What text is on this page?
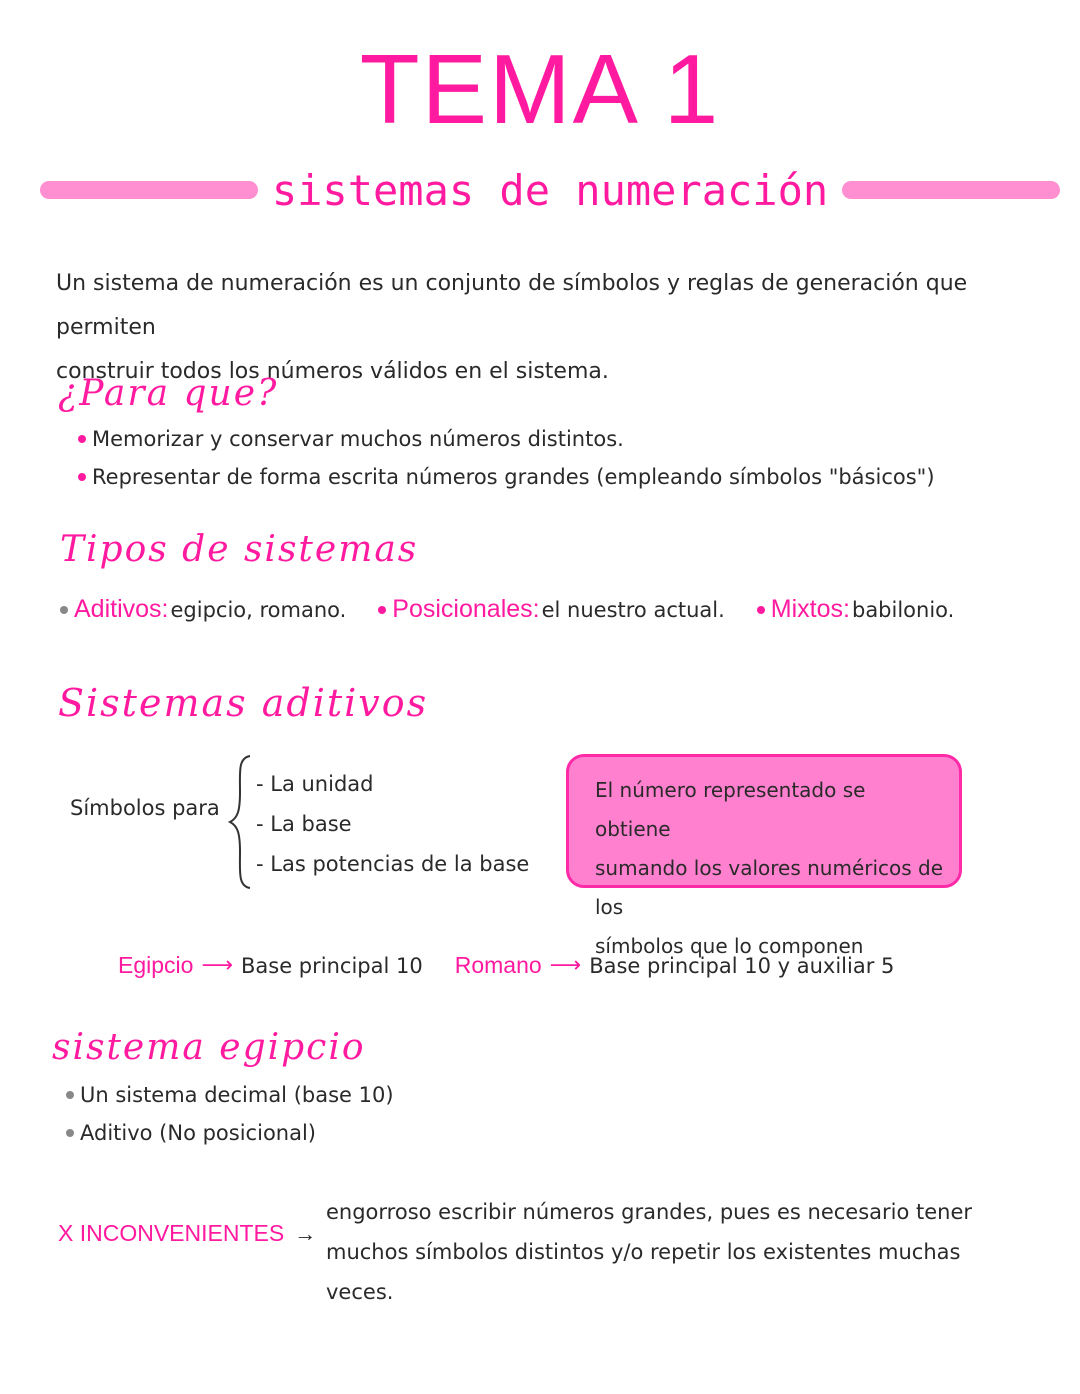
TEMA 1
sistemas de numeración
Un sistema de numeración es un conjunto de símbolos y reglas de generación que permiten
construir todos los números válidos en el sistema.
¿Para que?
Memorizar y conservar muchos números distintos.
Representar de forma escrita números grandes (empleando símbolos "básicos")
Tipos de sistemas
Aditivos: egipcio, romano. Posicionales: el nuestro actual. Mixtos: babilonio.
Sistemas aditivos
Símbolos para
- La unidad
- La base
- Las potencias de la base
El número representado se obtiene
sumando los valores numéricos de los
símbolos que lo componen
Egipcio ⟶ Base principal 10 Romano ⟶ Base principal 10 y auxiliar 5
sistema egipcio
Un sistema decimal (base 10)
Aditivo (No posicional)
X INCONVENIENTES →
engorroso escribir números grandes, pues es necesario tener
muchos símbolos distintos y/o repetir los existentes muchas
veces.
